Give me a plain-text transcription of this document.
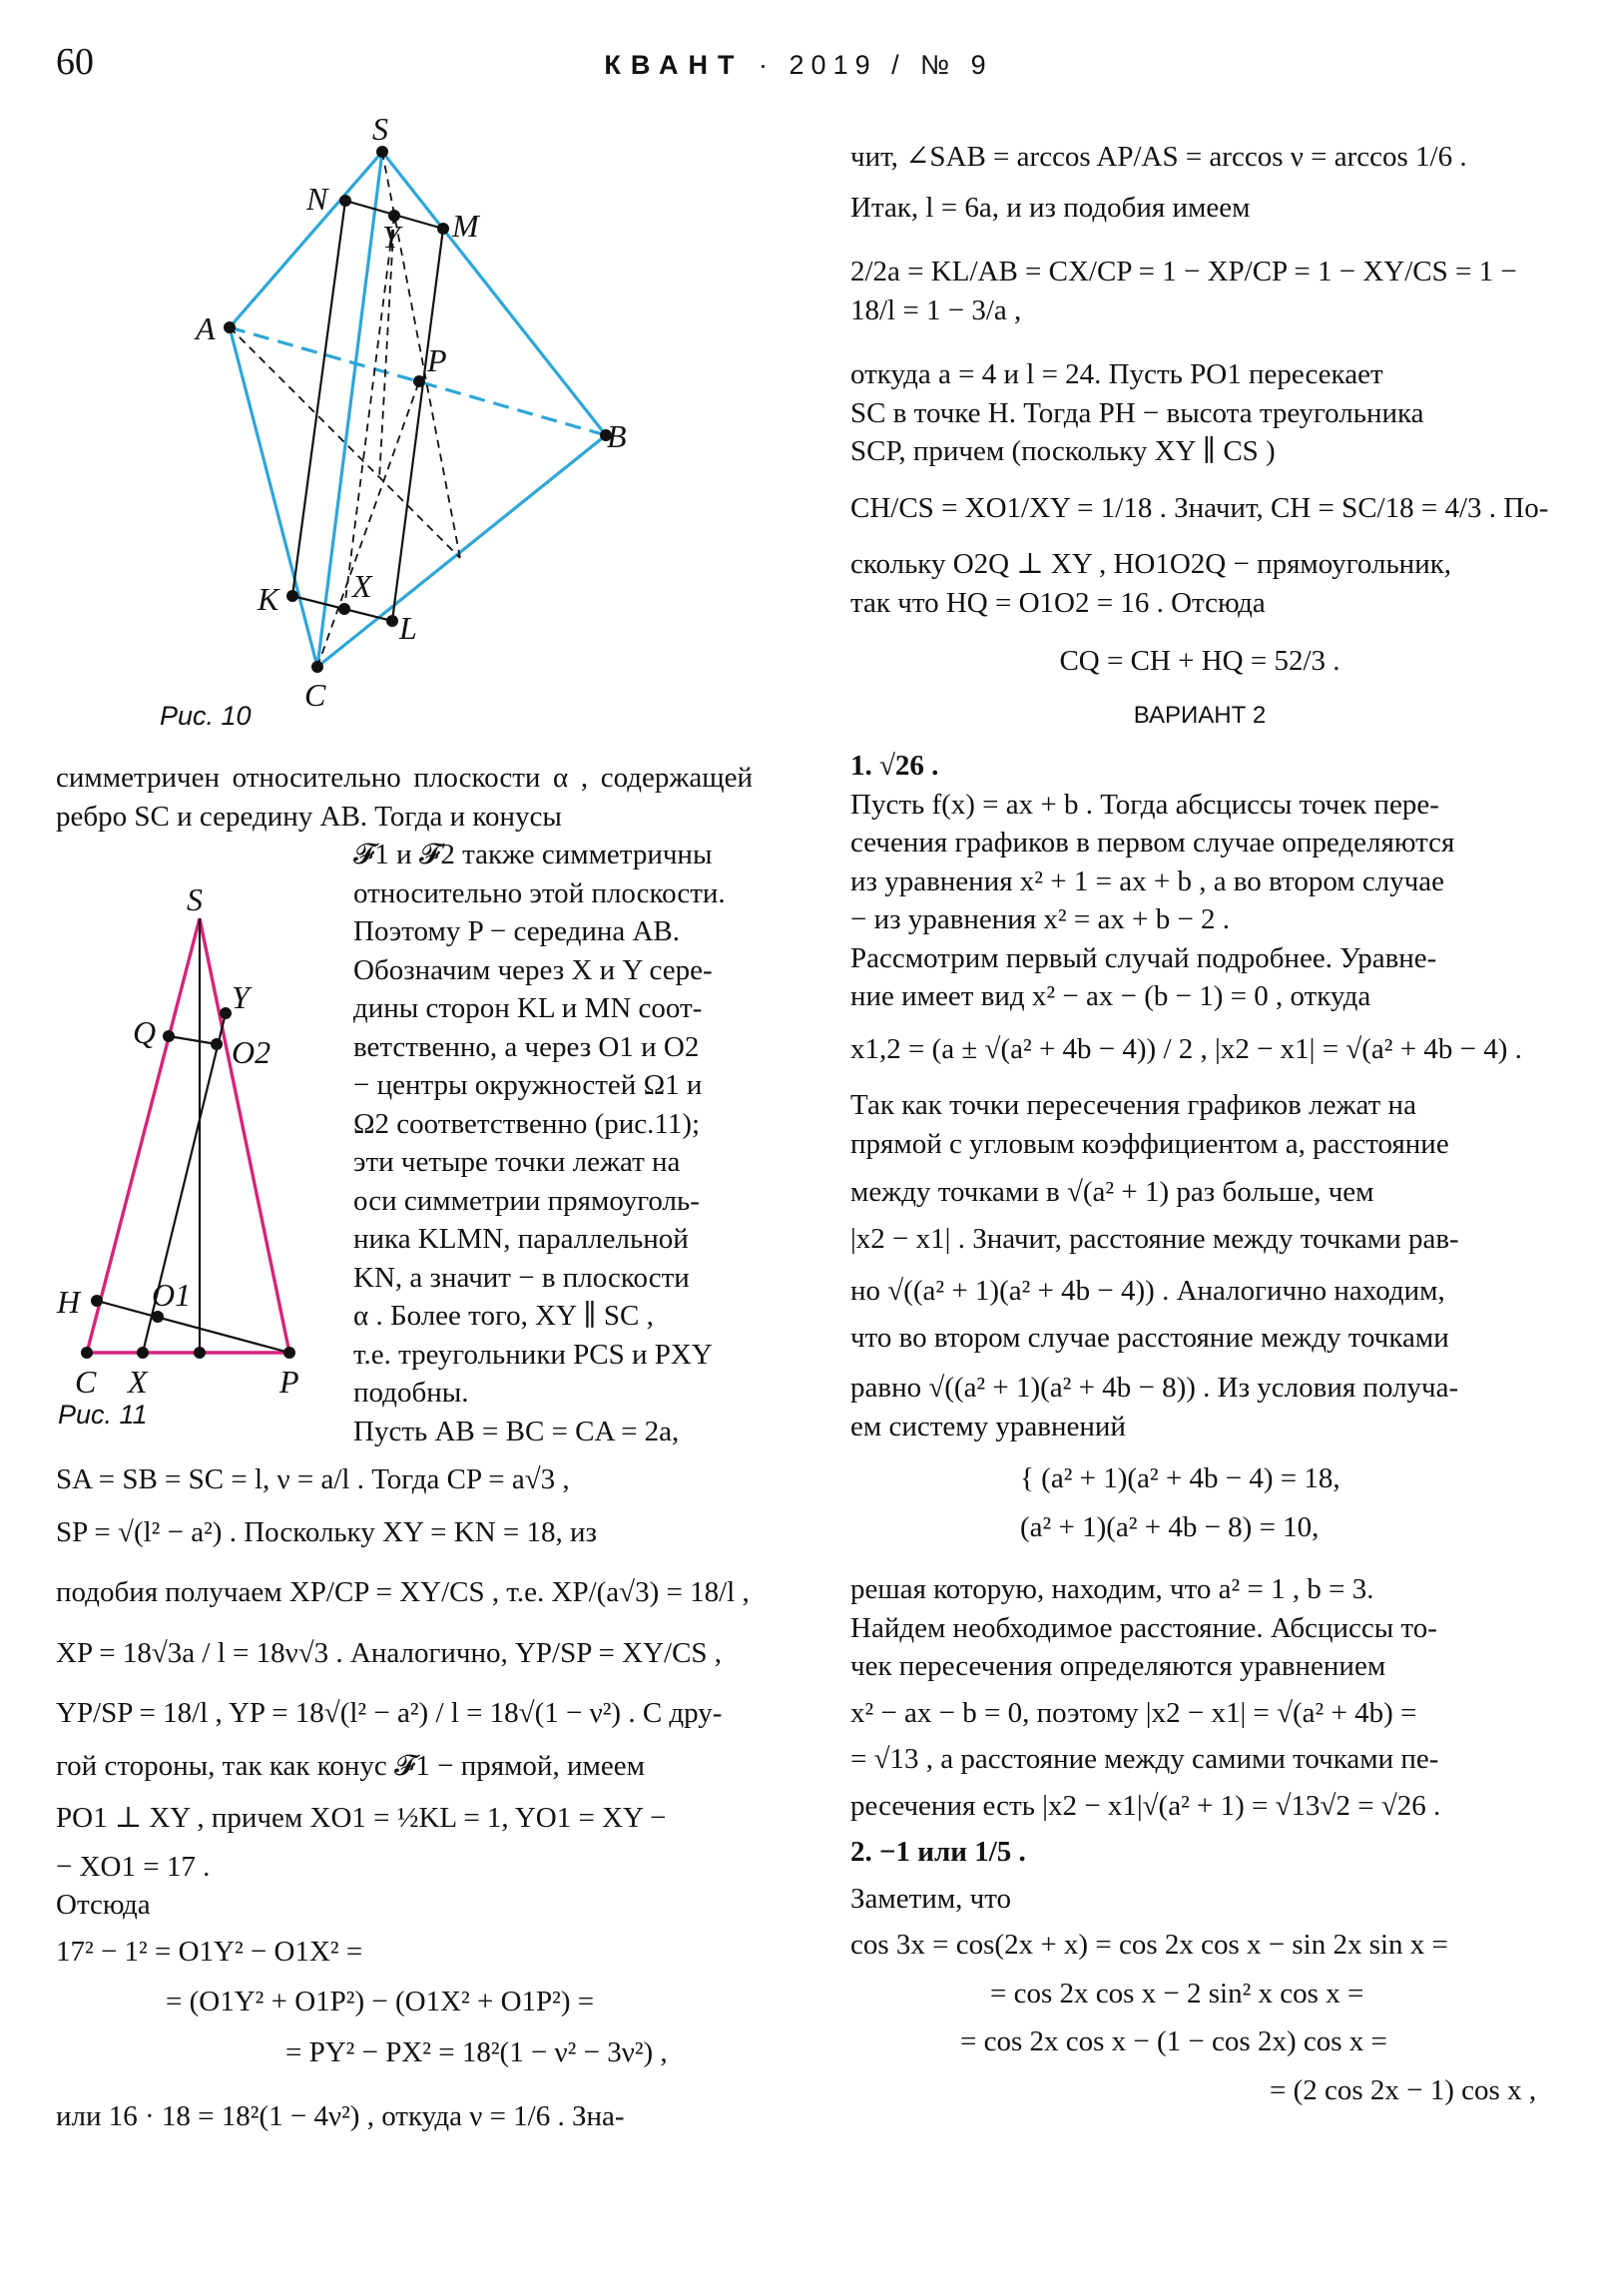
60	КВАНТ · 2019 / № 9
S
N
Y M
A
P
B
K X
L
C
Рис. 10

симметричен относительно плоскости α , содержащей ребро SC и середину AB. Тогда и конусы

𝓕1 и 𝓕2 также симметричны
относительно этой плоскости.
Поэтому P − середина AB.
Обозначим через X и Y сере-
дины сторон KL и MN соот-
ветственно, а через O1 и O2
− центры окружностей Ω1 и
Ω2 соответственно (рис.11);
эти четыре точки лежат на
оси симметрии прямоуголь-
ника KLMN, параллельной
KN, а значит − в плоскости
α . Более того, XY ∥ SC ,
т.е. треугольники PCS и PXY
подобны.
Пусть AB = BC = CA = 2a,
SA = SB = SC = l, ν = a/l . Тогда CP = a√3 ,
SP = √(l² − a²) . Поскольку XY = KN = 18, из
подобия получаем XP/CP = XY/CS , т.е. XP/(a√3) = 18/l ,
XP = 18√3a / l = 18ν√3 . Аналогично, YP/SP = XY/CS ,
YP/SP = 18/l , YP = 18√(l² − a²) / l = 18√(1 − ν²) . С дру-
гой стороны, так как конус 𝓕1 − прямой, имеем
PO1 ⊥ XY , причем XO1 = ½KL = 1, YO1 = XY −
− XO1 = 17 .
Отсюда
17² − 1² = O1Y² − O1X² =
= (O1Y² + O1P²) − (O1X² + O1P²) =
= PY² − PX² = 18²(1 − ν² − 3ν²) ,
или 16 · 18 = 18²(1 − 4ν²) , откуда ν = 1/6 . Зна-
S
Y
Q
O2
H O1
C X	P
Рис. 11
чит, ∠SAB = arccos AP/AS = arccos ν = arccos 1/6 .
Итак, l = 6a, и из подобия имеем
2/2a = KL/AB = CX/CP = 1 − XP/CP = 1 − XY/CS = 1 − 18/l = 1 − 3/a ,
откуда a = 4 и l = 24. Пусть PO1 пересекает
SC в точке H. Тогда PH − высота треугольника
SCP, причем (поскольку XY ∥ CS )
CH/CS = XO1/XY = 1/18 . Значит, CH = SC/18 = 4/3 . По-
скольку O2Q ⊥ XY , HO1O2Q − прямоугольник,
так что HQ = O1O2 = 16 . Отсюда
CQ = CH + HQ = 52/3 .
ВАРИАНТ 2
1. √26 .
Пусть f(x) = ax + b . Тогда абсциссы точек пере-
сечения графиков в первом случае определяются
из уравнения x² + 1 = ax + b , а во втором случае
− из уравнения x² = ax + b − 2 .
Рассмотрим первый случай подробнее. Уравне-
ние имеет вид x² − ax − (b − 1) = 0 , откуда
x1,2 = (a ± √(a² + 4b − 4)) / 2 , |x2 − x1| = √(a² + 4b − 4) .
Так как точки пересечения графиков лежат на
прямой с угловым коэффициентом a, расстояние
между точками в √(a² + 1) раз больше, чем
|x2 − x1| . Значит, расстояние между точками рав-
но √((a² + 1)(a² + 4b − 4)) . Аналогично находим,
что во втором случае расстояние между точками
равно √((a² + 1)(a² + 4b − 8)) . Из условия получа-
ем систему уравнений
{ (a² + 1)(a² + 4b − 4) = 18,
(a² + 1)(a² + 4b − 8) = 10,
решая которую, находим, что a² = 1 , b = 3.
Найдем необходимое расстояние. Абсциссы то-
чек пересечения определяются уравнением
x² − ax − b = 0, поэтому |x2 − x1| = √(a² + 4b) =
= √13 , а расстояние между самими точками пе-
ресечения есть |x2 − x1|√(a² + 1) = √13√2 = √26 .
2. −1 или 1/5 .
Заметим, что
cos 3x = cos(2x + x) = cos 2x cos x − sin 2x sin x =
= cos 2x cos x − 2 sin² x cos x =
= cos 2x cos x − (1 − cos 2x) cos x =
= (2 cos 2x − 1) cos x ,
